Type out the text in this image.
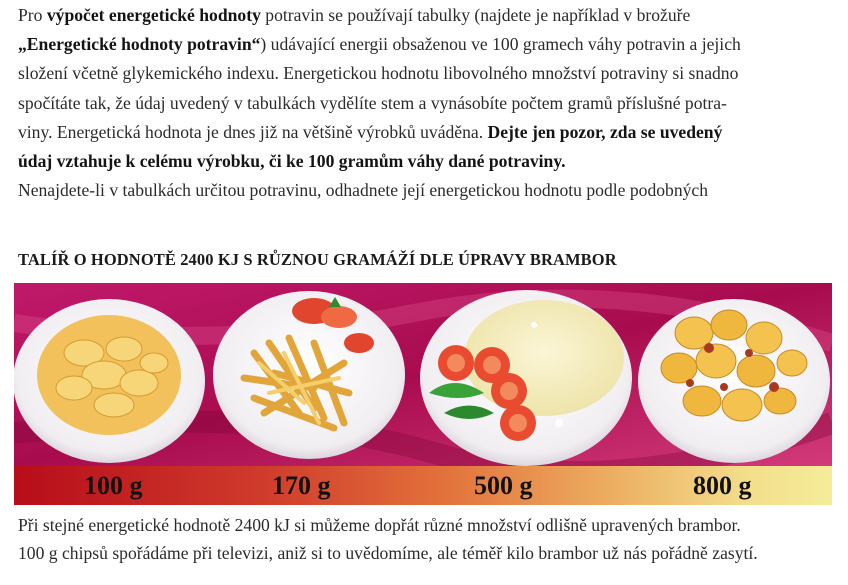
Pro výpočet energetické hodnoty potravin se používají tabulky (najdete je například v brožuře
„Energetické hodnoty potravin“) udávající energii obsaženou ve 100 gramech váhy potravin a jejich
složení včetně glykemického indexu. Energetickou hodnotu libovolného množství potraviny si snadno
spočítáte tak, že údaj uvedený v tabulkách vydělíte stem a vynásobíte počtem gramů příslušné potra-
viny. Energetická hodnota je dnes již na většině výrobků uváděna. Dejte jen pozor, zda se uvedený
údaj vztahuje k celému výrobku, či ke 100 gramům váhy dané potraviny.
Nenajdete-li v tabulkách určitou potravinu, odhadnete její energetickou hodnotu podle podobných
TALÍŘ O HODNOTĚ 2400 KJ S RŮZNOU GRAMÁŽÍ DLE ÚPRAVY BRAMBOR
100 g	170 g	500 g	800 g
Při stejné energetické hodnotě 2400 kJ si můžeme dopřát různé množství odlišně upravených brambor.
100 g chipsů spořádáme při televizi, aniž si to uvědomíme, ale téměř kilo brambor už nás pořádně zasytí.
